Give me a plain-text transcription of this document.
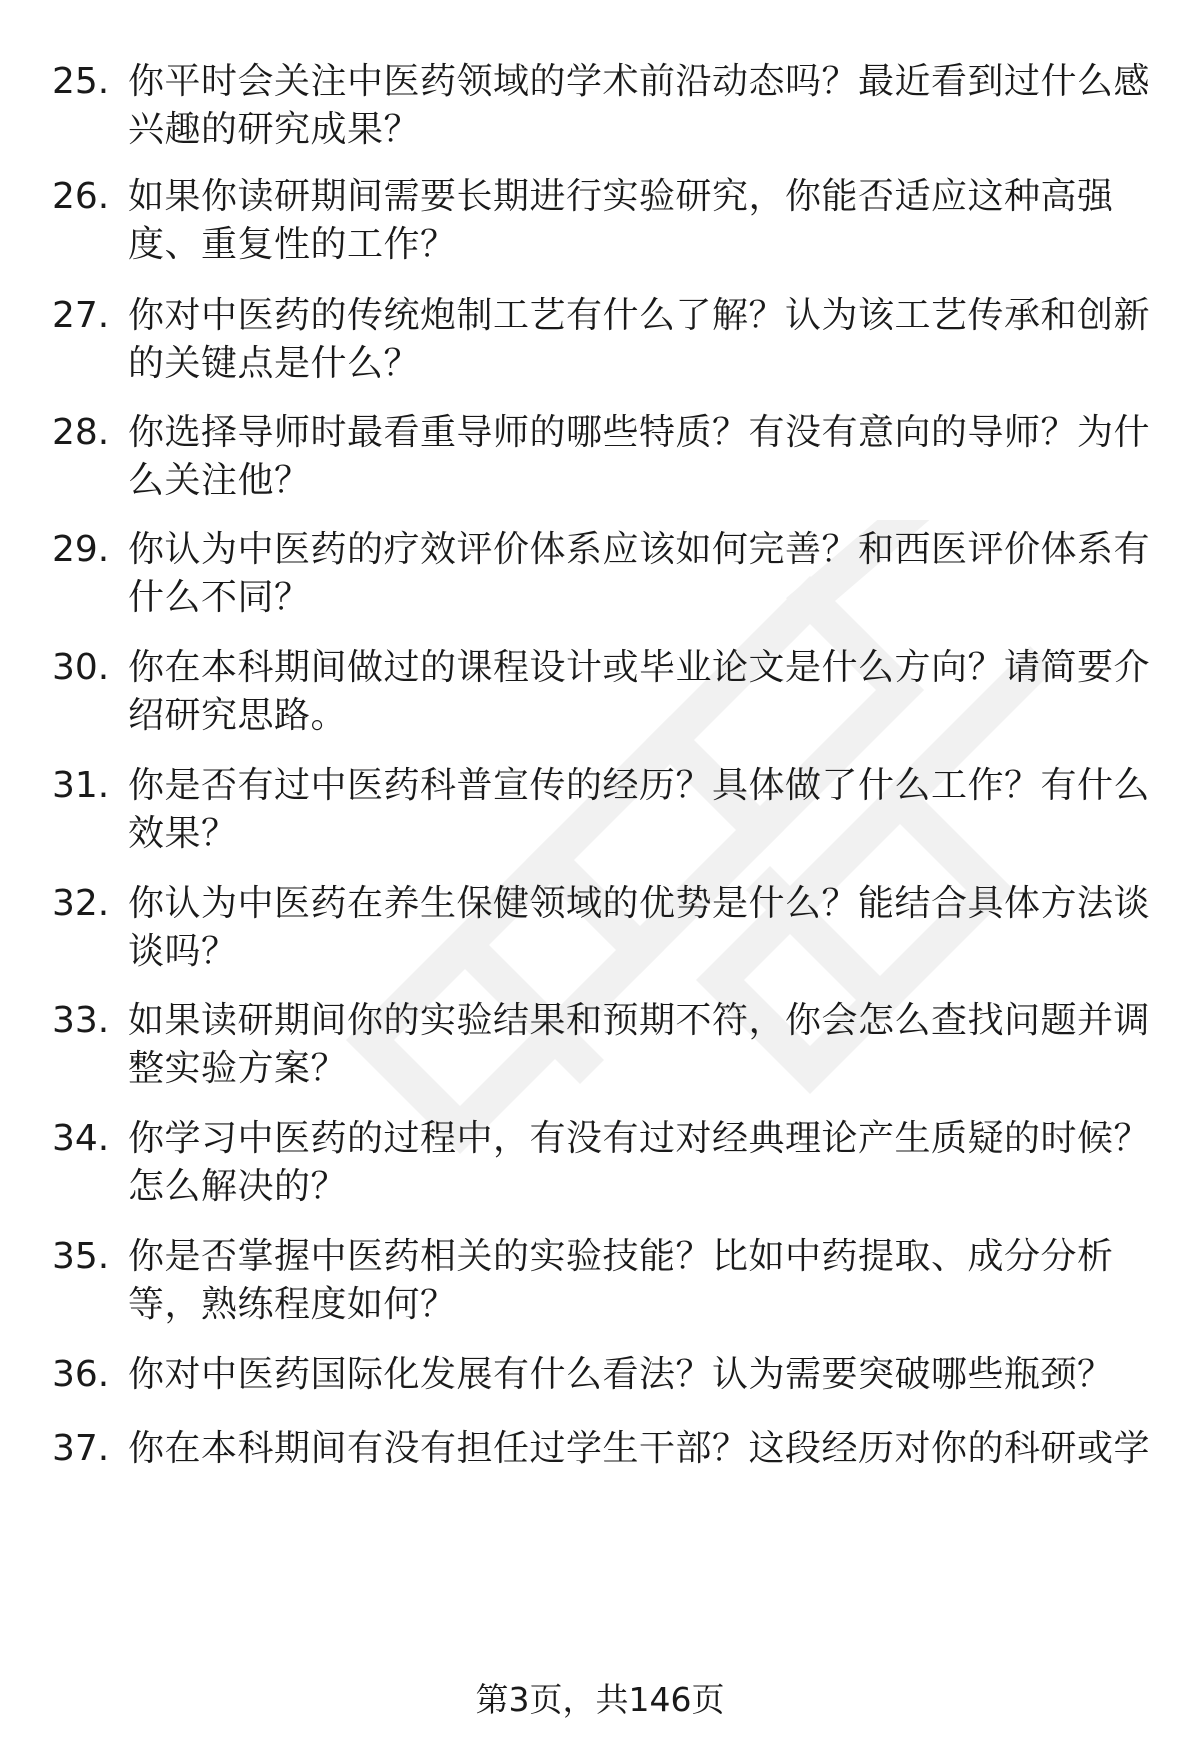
25. 你平时会关注中医药领域的学术前沿动态吗？最近看到过什么感兴趣的研究成果？
26. 如果你读研期间需要长期进行实验研究，你能否适应这种高强度、重复性的工作？
27. 你对中医药的传统炮制工艺有什么了解？认为该工艺传承和创新的关键点是什么？
28. 你选择导师时最看重导师的哪些特质？有没有意向的导师？为什么关注他？
29. 你认为中医药的疗效评价体系应该如何完善？和西医评价体系有什么不同？
30. 你在本科期间做过的课程设计或毕业论文是什么方向？请简要介绍研究思路。
31. 你是否有过中医药科普宣传的经历？具体做了什么工作？有什么效果？
32. 你认为中医药在养生保健领域的优势是什么？能结合具体方法谈谈吗？
33. 如果读研期间你的实验结果和预期不符，你会怎么查找问题并调整实验方案？
34. 你学习中医药的过程中，有没有过对经典理论产生质疑的时候？怎么解决的？
35. 你是否掌握中医药相关的实验技能？比如中药提取、成分分析等，熟练程度如何？
36. 你对中医药国际化发展有什么看法？认为需要突破哪些瓶颈？
37. 你在本科期间有没有担任过学生干部？这段经历对你的科研或学
第3页，共146页
